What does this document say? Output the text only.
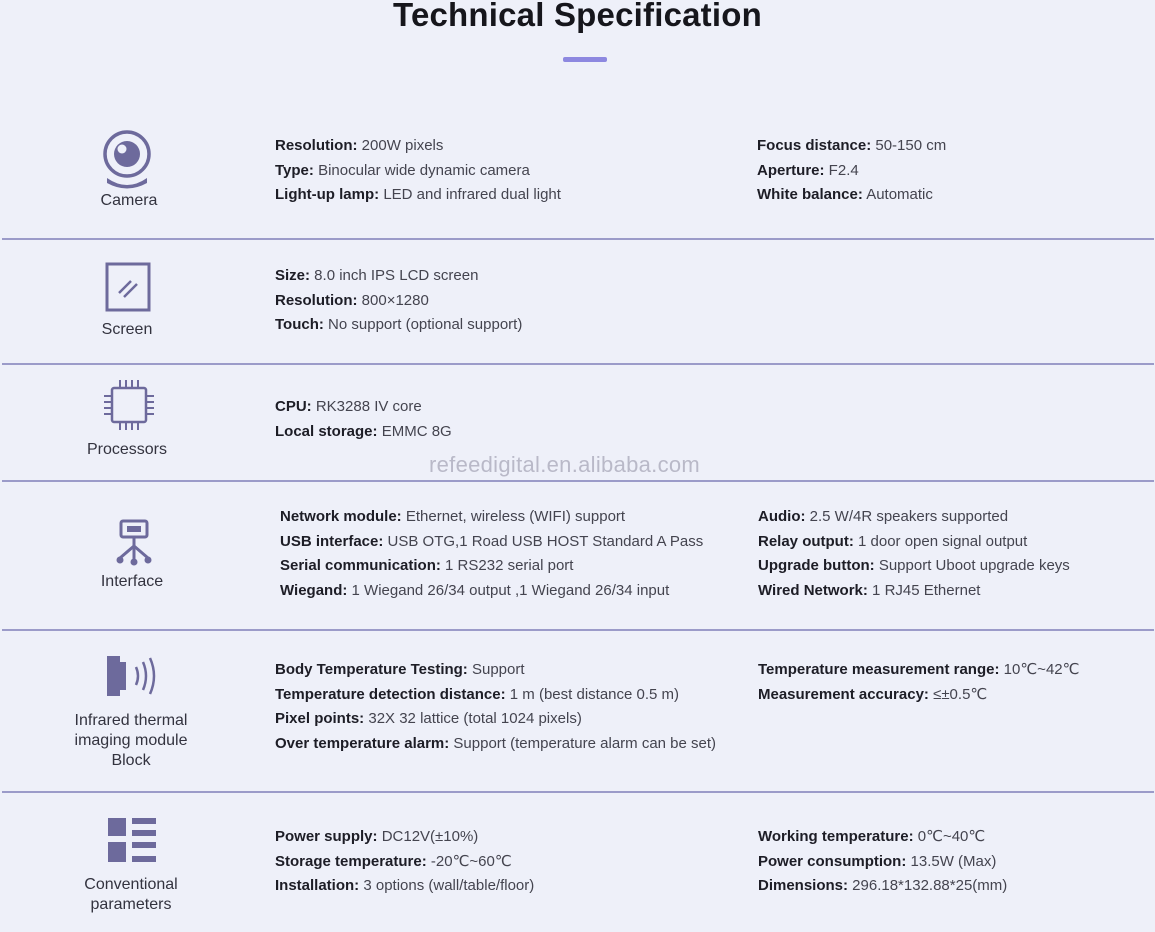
Technical Specification
Camera
Resolution: 200W pixels
Type: Binocular wide dynamic camera
Light-up lamp: LED and infrared dual light
Focus distance: 50-150 cm
Aperture: F2.4
White balance: Automatic
Screen
Size: 8.0 inch IPS LCD screen
Resolution: 800×1280
Touch: No support (optional support)
Processors
CPU: RK3288 IV core
Local storage: EMMC 8G
refeedigital.en.alibaba.com
Interface
Network module: Ethernet, wireless (WIFI) support
USB interface: USB OTG,1 Road USB HOST Standard A Pass
Serial communication: 1 RS232 serial port
Wiegand: 1 Wiegand 26/34 output ,1 Wiegand 26/34 input
Audio: 2.5 W/4R speakers supported
Relay output: 1 door open signal output
Upgrade button: Support Uboot upgrade keys
Wired Network: 1 RJ45 Ethernet
Infrared thermal
imaging module
Block
Body Temperature Testing: Support
Temperature detection distance: 1 m (best distance 0.5 m)
Pixel points: 32X 32 lattice (total 1024 pixels)
Over temperature alarm: Support (temperature alarm can be set)
Temperature measurement range: 10℃~42℃
Measurement accuracy: ≤±0.5℃
Conventional
parameters
Power supply: DC12V(±10%)
Storage temperature: -20℃~60℃
Installation: 3 options (wall/table/floor)
Working temperature: 0℃~40℃
Power consumption: 13.5W (Max)
Dimensions: 296.18*132.88*25(mm)
